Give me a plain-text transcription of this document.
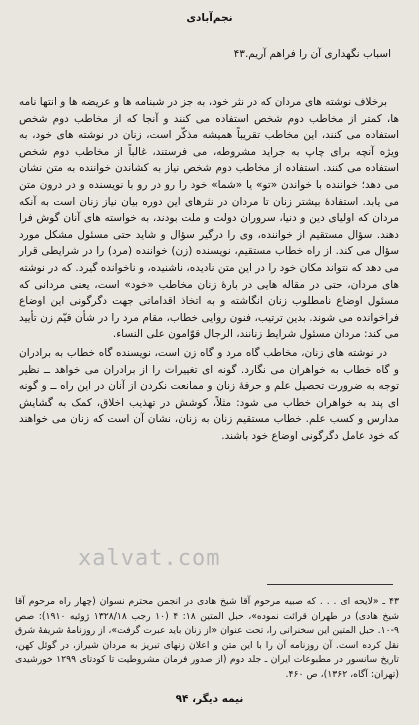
نجم‌آبادی

اسباب نگهداری آن را فراهم آریم.۴۳

برخلاف نوشته های مردان که در نثر خود، به جز در شبنامه ها و عریضه ها و انتها نامه ها، کمتر از مخاطب دوم شخص استفاده می کنند و آنجا که از مخاطب دوم شخص استفاده می کنند، این مخاطب تقریباً همیشه مذکّر است، زنان در نوشته های خود، به ویژه آنچه برای چاپ به جراید مشروطه، می فرستند، غالباً از مخاطب دوم شخص استفاده می کنند. استفاده از مخاطب دوم شخص نیاز به کشاندن خواننده به متن نشان می دهد؛ خواننده با خواندن «تو» یا «شما» خود را رو در رو با نویسنده و در درون متن می یابد. استفادهٔ بیشتر زنان تا مردان در نثرهای این دوره بیان نیاز زنان است به آنکه مردان که اولیای دین و دنیا، سروران دولت و ملت بودند، به خواسته های آنان گوش فرا دهند. سؤال مستقیم از خواننده، وی را درگیر سؤال و شاید حتی مسئول مشکل مورد سؤال می کند. از راه خطاب مستقیم، نویسنده (زن) خواننده (مرد) را در شرایطی قرار می دهد که نتواند مکان خود را در این متن نادیده، ناشنیده، و ناخوانده گیرد. که در نوشته های مردان، حتی در مقاله هایی در بارهٔ زنان مخاطب «خود» است، یعنی مردانی که مسئول اوضاع نامطلوب زنان انگاشته و به اتخاذ اقداماتی جهت دگرگونی این اوضاع فراخوانده می شوند. بدین ترتیب، فنون روایی خطاب، مقام مرد را در شأن قیّم زن تأیید می کند: مردان مسئول شرایط زنانند، الرجال قوّامون علی النساء.

در نوشته های زنان، مخاطب گاه مرد و گاه زن است، نویسنده گاه خطاب به برادران و گاه خطاب به خواهران می نگارد. گونه ای تغییرات را از برادران می خواهد ــ نظیر توجه به ضرورت تحصیل علم و حرفهٔ زنان و ممانعت نکردن از آنان در این راه ــ و گونه ای پند به خواهران خطاب می شود: مثلاً، کوشش در تهذیب اخلاق، کمک به گشایش مدارس و کسب علم. خطاب مستقیم زنان به زنان، نشان آن است که زنان می خواهند که خود عامل دگرگونی اوضاع خود باشند.

xalvat.com

۴۳ ـ «لایحه ای . . . که صبیه مرحوم آقا شیخ هادی در انجمن محترم نسوان (چهار راه مرحوم آقا شیخ هادی) در طهران قرائت نموده»، حبل المتین ۱۸: ۴ (۱۰ رجب ۱۳۲۸/۱۸ ژوئیه ۱۹۱۰): صص ۹-۱۰. حبل المتین این سخنرانی را، تحت عنوان «از زنان باید عبرت گرفت»، از روزنامهٔ شریفهٔ شرق نقل کرده است. آن روزنامه آن را با این متن و اعلان زنهای تبریز به مردان شیراز، در گوئل کهن، تاریخ سانسور در مطبوعات ایران ـ جلد دوم (از صدور فرمان مشروطیت تا کودتای ۱۲۹۹ خورشیدی (تهران: آگاه، ۱۳۶۲)، ص ۴۶۰.

نیمه دیگر، ۹۴
